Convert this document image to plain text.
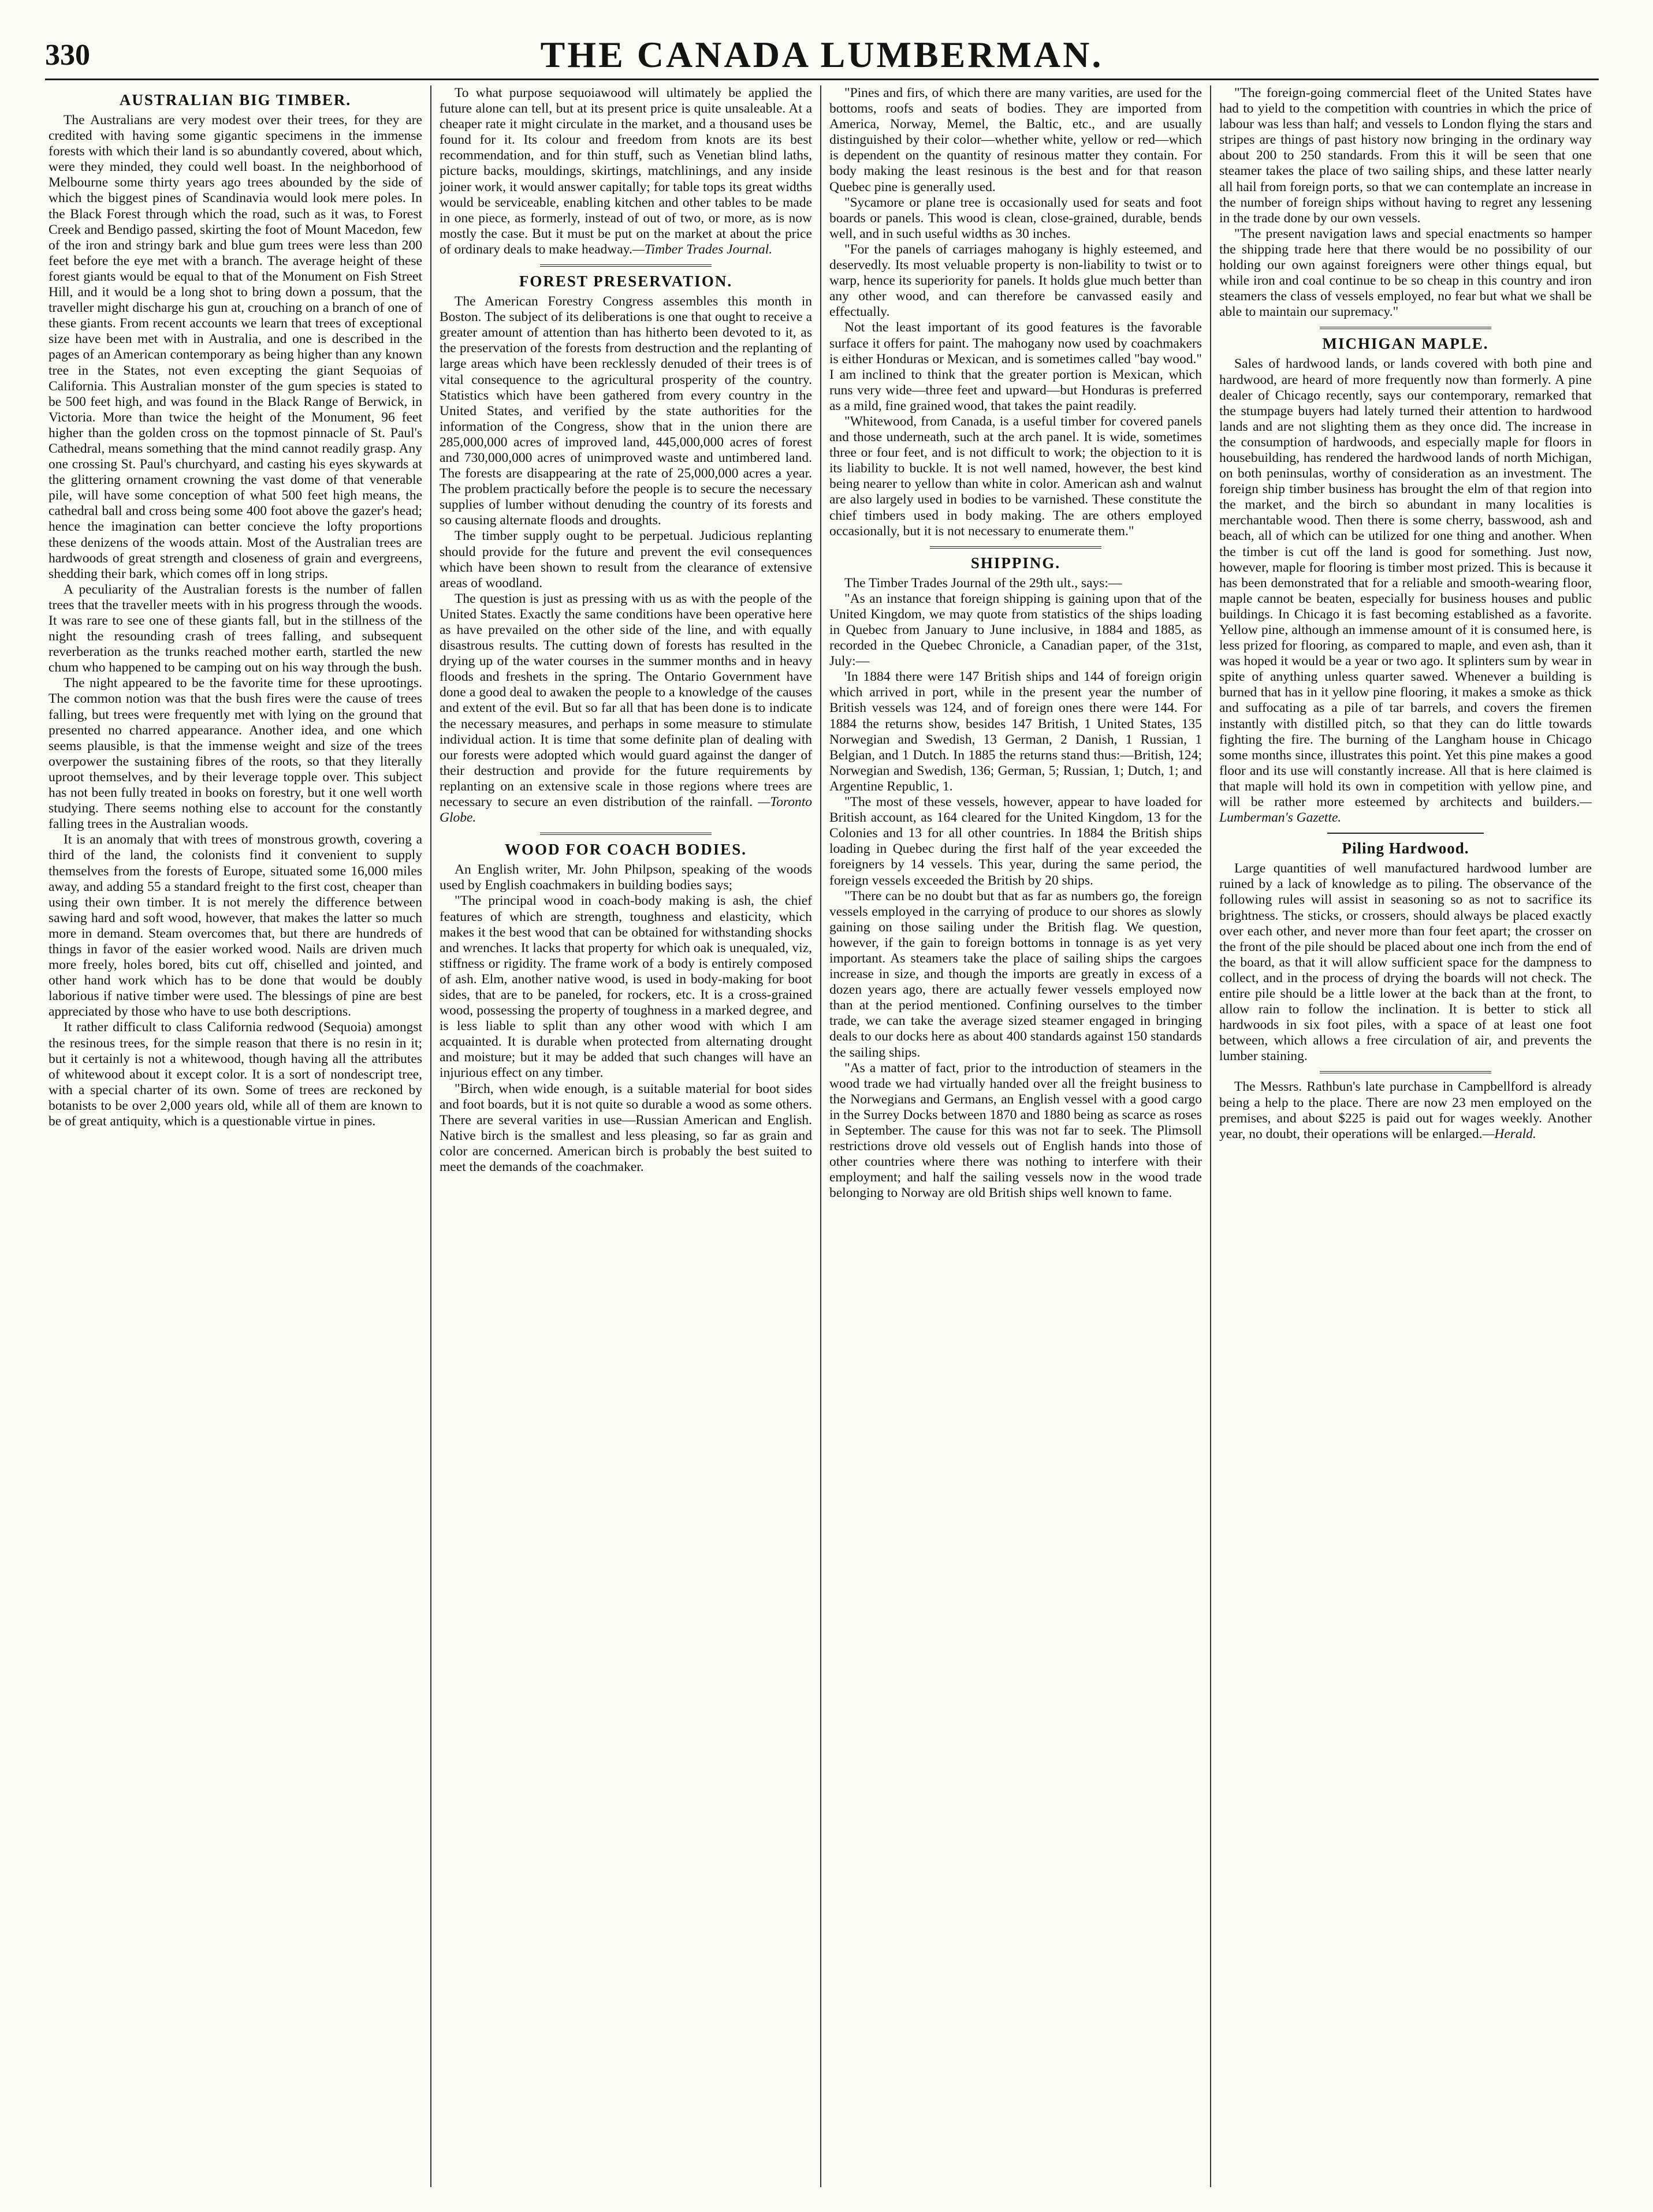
330	THE CANADA LUMBERMAN.
AUSTRALIAN BIG TIMBER.

The Australians are very modest over their trees, for they are credited with having some gigantic specimens in the immense forests with which their land is so abundantly covered, about which, were they minded, they could well boast. In the neighborhood of Melbourne some thirty years ago trees abounded by the side of which the biggest pines of Scandinavia would look mere poles. In the Black Forest through which the road, such as it was, to Forest Creek and Bendigo passed, skirting the foot of Mount Macedon, few of the iron and stringy bark and blue gum trees were less than 200 feet before the eye met with a branch. The average height of these forest giants would be equal to that of the Monument on Fish Street Hill, and it would be a long shot to bring down a possum, that the traveller might discharge his gun at, crouching on a branch of one of these giants. From recent accounts we learn that trees of exceptional size have been met with in Australia, and one is described in the pages of an American contemporary as being higher than any known tree in the States, not even excepting the giant Sequoias of California. This Australian monster of the gum species is stated to be 500 feet high, and was found in the Black Range of Berwick, in Victoria. More than twice the height of the Monument, 96 feet higher than the golden cross on the topmost pinnacle of St. Paul's Cathedral, means something that the mind cannot readily grasp. Any one crossing St. Paul's churchyard, and casting his eyes skywards at the glittering ornament crowning the vast dome of that venerable pile, will have some conception of what 500 feet high means, the cathedral ball and cross being some 400 foot above the gazer's head; hence the imagination can better concieve the lofty proportions these denizens of the woods attain. Most of the Australian trees are hardwoods of great strength and closeness of grain and evergreens, shedding their bark, which comes off in long strips.

A peculiarity of the Australian forests is the number of fallen trees that the traveller meets with in his progress through the woods. It was rare to see one of these giants fall, but in the stillness of the night the resounding crash of trees falling, and subsequent reverberation as the trunks reached mother earth, startled the new chum who happened to be camping out on his way through the bush.

The night appeared to be the favorite time for these uprootings. The common notion was that the bush fires were the cause of trees falling, but trees were frequently met with lying on the ground that presented no charred appearance. Another idea, and one which seems plausible, is that the immense weight and size of the trees overpower the sustaining fibres of the roots, so that they literally uproot themselves, and by their leverage topple over. This subject has not been fully treated in books on forestry, but it one well worth studying. There seems nothing else to account for the constantly falling trees in the Australian woods.

It is an anomaly that with trees of monstrous growth, covering a third of the land, the colonists find it convenient to supply themselves from the forests of Europe, situated some 16,000 miles away, and adding 55 a standard freight to the first cost, cheaper than using their own timber. It is not merely the difference between sawing hard and soft wood, however, that makes the latter so much more in demand. Steam overcomes that, but there are hundreds of things in favor of the easier worked wood. Nails are driven much more freely, holes bored, bits cut off, chiselled and jointed, and other hand work which has to be done that would be doubly laborious if native timber were used. The blessings of pine are best appreciated by those who have to use both descriptions.

It rather difficult to class California redwood (Sequoia) amongst the resinous trees, for the simple reason that there is no resin in it; but it certainly is not a whitewood, though having all the attributes of whitewood about it except color. It is a sort of nondescript tree, with a special charter of its own. Some of trees are reckoned by botanists to be over 2,000 years old, while all of them are known to be of great antiquity, which is a questionable virtue in pines.

To what purpose sequoiawood will ultimately be applied the future alone can tell, but at its present price is quite unsaleable. At a cheaper rate it might circulate in the market, and a thousand uses be found for it. Its colour and freedom from knots are its best recommendation, and for thin stuff, such as Venetian blind laths, picture backs, mouldings, skirtings, matchlinings, and any inside joiner work, it would answer capitally; for table tops its great widths would be serviceable, enabling kitchen and other tables to be made in one piece, as formerly, instead of out of two, or more, as is now mostly the case. But it must be put on the market at about the price of ordinary deals to make headway.—Timber Trades Journal.

FOREST PRESERVATION.

The American Forestry Congress assembles this month in Boston. The subject of its deliberations is one that ought to receive a greater amount of attention than has hitherto been devoted to it, as the preservation of the forests from destruction and the replanting of large areas which have been recklessly denuded of their trees is of vital consequence to the agricultural prosperity of the country. Statistics which have been gathered from every country in the United States, and verified by the state authorities for the information of the Congress, show that in the union there are 285,000,000 acres of improved land, 445,000,000 acres of forest and 730,000,000 acres of unimproved waste and untimbered land. The forests are disappearing at the rate of 25,000,000 acres a year. The problem practically before the people is to secure the necessary supplies of lumber without denuding the country of its forests and so causing alternate floods and droughts.

The timber supply ought to be perpetual. Judicious replanting should provide for the future and prevent the evil consequences which have been shown to result from the clearance of extensive areas of woodland.

The question is just as pressing with us as with the people of the United States. Exactly the same conditions have been operative here as have prevailed on the other side of the line, and with equally disastrous results. The cutting down of forests has resulted in the drying up of the water courses in the summer months and in heavy floods and freshets in the spring. The Ontario Government have done a good deal to awaken the people to a knowledge of the causes and extent of the evil. But so far all that has been done is to indicate the necessary measures, and perhaps in some measure to stimulate individual action. It is time that some definite plan of dealing with our forests were adopted which would guard against the danger of their destruction and provide for the future requirements by replanting on an extensive scale in those regions where trees are necessary to secure an even distribution of the rainfall. —Toronto Globe.

WOOD FOR COACH BODIES.

An English writer, Mr. John Philpson, speaking of the woods used by English coachmakers in building bodies says;

"The principal wood in coach-body making is ash, the chief features of which are strength, toughness and elasticity, which makes it the best wood that can be obtained for withstanding shocks and wrenches. It lacks that property for which oak is unequaled, viz, stiffness or rigidity. The frame work of a body is entirely composed of ash. Elm, another native wood, is used in body-making for boot sides, that are to be paneled, for rockers, etc. It is a cross-grained wood, possessing the property of toughness in a marked degree, and is less liable to split than any other wood with which I am acquainted. It is durable when protected from alternating drought and moisture; but it may be added that such changes will have an injurious effect on any timber.

"Birch, when wide enough, is a suitable material for boot sides and foot boards, but it is not quite so durable a wood as some others. There are several varities in use—Russian American and English. Native birch is the smallest and less pleasing, so far as grain and color are concerned. American birch is probably the best suited to meet the demands of the coachmaker.

"Pines and firs, of which there are many varities, are used for the bottoms, roofs and seats of bodies. They are imported from America, Norway, Memel, the Baltic, etc., and are usually distinguished by their color—whether white, yellow or red—which is dependent on the quantity of resinous matter they contain. For body making the least resinous is the best and for that reason Quebec pine is generally used.

"Sycamore or plane tree is occasionally used for seats and foot boards or panels. This wood is clean, close-grained, durable, bends well, and in such useful widths as 30 inches.

"For the panels of carriages mahogany is highly esteemed, and deservedly. Its most veluable property is non-liability to twist or to warp, hence its superiority for panels. It holds glue much better than any other wood, and can therefore be canvassed easily and effectually.

Not the least important of its good features is the favorable surface it offers for paint. The mahogany now used by coachmakers is either Honduras or Mexican, and is sometimes called "bay wood." I am inclined to think that the greater portion is Mexican, which runs very wide—three feet and upward—but Honduras is preferred as a mild, fine grained wood, that takes the paint readily.

"Whitewood, from Canada, is a useful timber for covered panels and those underneath, such at the arch panel. It is wide, sometimes three or four feet, and is not difficult to work; the objection to it is its liability to buckle. It is not well named, however, the best kind being nearer to yellow than white in color. American ash and walnut are also largely used in bodies to be varnished. These constitute the chief timbers used in body making. The are others employed occasionally, but it is not necessary to enumerate them."

SHIPPING.

The Timber Trades Journal of the 29th ult., says:—

"As an instance that foreign shipping is gaining upon that of the United Kingdom, we may quote from statistics of the ships loading in Quebec from January to June inclusive, in 1884 and 1885, as recorded in the Quebec Chronicle, a Canadian paper, of the 31st, July:—

'In 1884 there were 147 British ships and 144 of foreign origin which arrived in port, while in the present year the number of British vessels was 124, and of foreign ones there were 144. For 1884 the returns show, besides 147 British, 1 United States, 135 Norwegian and Swedish, 13 German, 2 Danish, 1 Russian, 1 Belgian, and 1 Dutch. In 1885 the returns stand thus:—British, 124; Norwegian and Swedish, 136; German, 5; Russian, 1; Dutch, 1; and Argentine Republic, 1.

"The most of these vessels, however, appear to have loaded for British account, as 164 cleared for the United Kingdom, 13 for the Colonies and 13 for all other countries. In 1884 the British ships loading in Quebec during the first half of the year exceeded the foreigners by 14 vessels. This year, during the same period, the foreign vessels exceeded the British by 20 ships.

"There can be no doubt but that as far as numbers go, the foreign vessels employed in the carrying of produce to our shores as slowly gaining on those sailing under the British flag. We question, however, if the gain to foreign bottoms in tonnage is as yet very important. As steamers take the place of sailing ships the cargoes increase in size, and though the imports are greatly in excess of a dozen years ago, there are actually fewer vessels employed now than at the period mentioned. Confining ourselves to the timber trade, we can take the average sized steamer engaged in bringing deals to our docks here as about 400 standards against 150 standards the sailing ships.

"As a matter of fact, prior to the introduction of steamers in the wood trade we had virtually handed over all the freight business to the Norwegians and Germans, an English vessel with a good cargo in the Surrey Docks between 1870 and 1880 being as scarce as roses in September. The cause for this was not far to seek. The Plimsoll restrictions drove old vessels out of English hands into those of other countries where there was nothing to interfere with their employment; and half the sailing vessels now in the wood trade belonging to Norway are old British ships well known to fame.

"The foreign-going commercial fleet of the United States have had to yield to the competition with countries in which the price of labour was less than half; and vessels to London flying the stars and stripes are things of past history now bringing in the ordinary way about 200 to 250 standards. From this it will be seen that one steamer takes the place of two sailing ships, and these latter nearly all hail from foreign ports, so that we can contemplate an increase in the number of foreign ships without having to regret any lessening in the trade done by our own vessels.

"The present navigation laws and special enactments so hamper the shipping trade here that there would be no possibility of our holding our own against foreigners were other things equal, but while iron and coal continue to be so cheap in this country and iron steamers the class of vessels employed, no fear but what we shall be able to maintain our supremacy."

MICHIGAN MAPLE.

Sales of hardwood lands, or lands covered with both pine and hardwood, are heard of more frequently now than formerly. A pine dealer of Chicago recently, says our contemporary, remarked that the stumpage buyers had lately turned their attention to hardwood lands and are not slighting them as they once did. The increase in the consumption of hardwoods, and especially maple for floors in housebuilding, has rendered the hardwood lands of north Michigan, on both peninsulas, worthy of consideration as an investment. The foreign ship timber business has brought the elm of that region into the market, and the birch so abundant in many localities is merchantable wood. Then there is some cherry, basswood, ash and beach, all of which can be utilized for one thing and another. When the timber is cut off the land is good for something. Just now, however, maple for flooring is timber most prized. This is because it has been demonstrated that for a reliable and smooth-wearing floor, maple cannot be beaten, especially for business houses and public buildings. In Chicago it is fast becoming established as a favorite. Yellow pine, although an immense amount of it is consumed here, is less prized for flooring, as compared to maple, and even ash, than it was hoped it would be a year or two ago. It splinters sum by wear in spite of anything unless quarter sawed. Whenever a building is burned that has in it yellow pine flooring, it makes a smoke as thick and suffocating as a pile of tar barrels, and covers the firemen instantly with distilled pitch, so that they can do little towards fighting the fire. The burning of the Langham house in Chicago some months since, illustrates this point. Yet this pine makes a good floor and its use will constantly increase. All that is here claimed is that maple will hold its own in competition with yellow pine, and will be rather more esteemed by architects and builders.—Lumberman's Gazette.

Piling Hardwood.

Large quantities of well manufactured hardwood lumber are ruined by a lack of knowledge as to piling. The observance of the following rules will assist in seasoning so as not to sacrifice its brightness. The sticks, or crossers, should always be placed exactly over each other, and never more than four feet apart; the crosser on the front of the pile should be placed about one inch from the end of the board, as that it will allow sufficient space for the dampness to collect, and in the process of drying the boards will not check. The entire pile should be a little lower at the back than at the front, to allow rain to follow the inclination. It is better to stick all hardwoods in six foot piles, with a space of at least one foot between, which allows a free circulation of air, and prevents the lumber staining.

The Messrs. Rathbun's late purchase in Campbellford is already being a help to the place. There are now 23 men employed on the premises, and about $225 is paid out for wages weekly. Another year, no doubt, their operations will be enlarged.—Herald.
